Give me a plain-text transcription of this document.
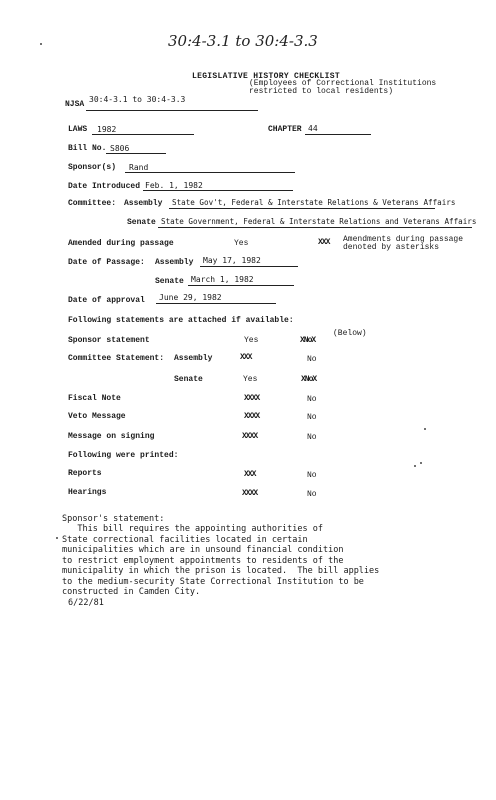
30:4-3.1 to 30:4-3.3
LEGISLATIVE HISTORY CHECKLIST
(Employees of Correctional Institutions
restricted to local residents)
NJSA
30:4-3.1 to 30:4-3.3
LAWS 1982	CHAPTER 44
Bill No. S806
Sponsor(s) Rand
Date Introduced Feb. 1, 1982
Committee: Assembly State Gov't, Federal & Interstate Relations & Veterans Affairs
Senate State Government, Federal & Interstate Relations and Veterans Affairs
Amended during passage	Yes	XXX Amendments during passage
denoted by asterisks
Date of Passage: Assembly May 17, 1982
Senate March 1, 1982
Date of approval June 29, 1982
Following statements are attached if available:
Sponsor statement	Yes	XNoX
(Below)
Committee Statement: Assembly	XXX	No
Senate	Yes	XNoX
Fiscal Note	XXXX	No
Veto Message	XXXX	No
Message on signing	XXXX	No
Following were printed:
Reports	XXX	No
Hearings	XXXX	No
Sponsor's statement:
This bill requires the appointing authorities of
State correctional facilities located in certain
municipalities which are in unsound financial condition
to restrict employment appointments to residents of the
municipality in which the prison is located.  The bill applies
to the medium-security State Correctional Institution to be
constructed in Camden City.
6/22/81
